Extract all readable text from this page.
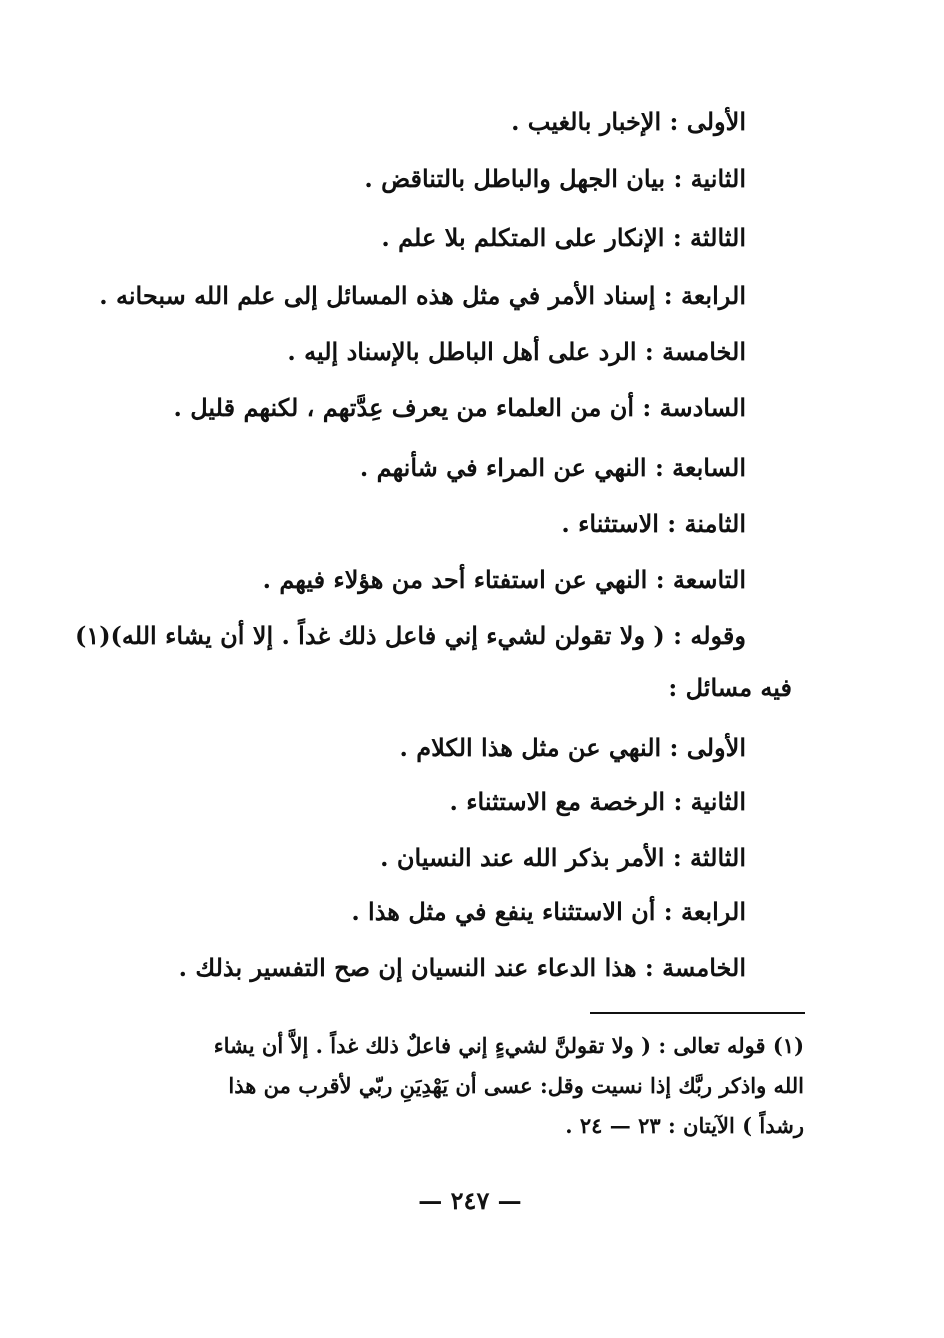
الأولى : الإخبار بالغيب .
الثانية : بيان الجهل والباطل بالتناقض .
الثالثة : الإنكار على المتكلم بلا علم .
الرابعة : إسناد الأمر في مثل هذه المسائل إلى علم الله سبحانه .
الخامسة : الرد على أهل الباطل بالإسناد إليه .
السادسة : أن من العلماء من يعرف عِدَّتهم ، لكنهم قليل .
السابعة : النهي عن المراء في شأنهم .
الثامنة : الاستثناء .
التاسعة : النهي عن استفتاء أحد من هؤلاء فيهم .
وقوله : ( ولا تقولن لشيء إني فاعل ذلك غداً . إلا أن يشاء الله)(١)
فيه مسائل :
الأولى : النهي عن مثل هذا الكلام .
الثانية : الرخصة مع الاستثناء .
الثالثة : الأمر بذكر الله عند النسيان .
الرابعة : أن الاستثناء ينفع في مثل هذا .
الخامسة : هذا الدعاء عند النسيان إن صح التفسير بذلك .
(١) قوله تعالى : ( ولا تقولنَّ لشيءٍ إني فاعلٌ ذلك غداً . إلاَّ أن يشاء
الله واذكر ربَّك إذا نسيت وقل: عسى أن يَهْدِيَنِ ربّي لأقرب من هذا
رشداً ) الآيتان : ٢٣ — ٢٤ .
— ٢٤٧ —
